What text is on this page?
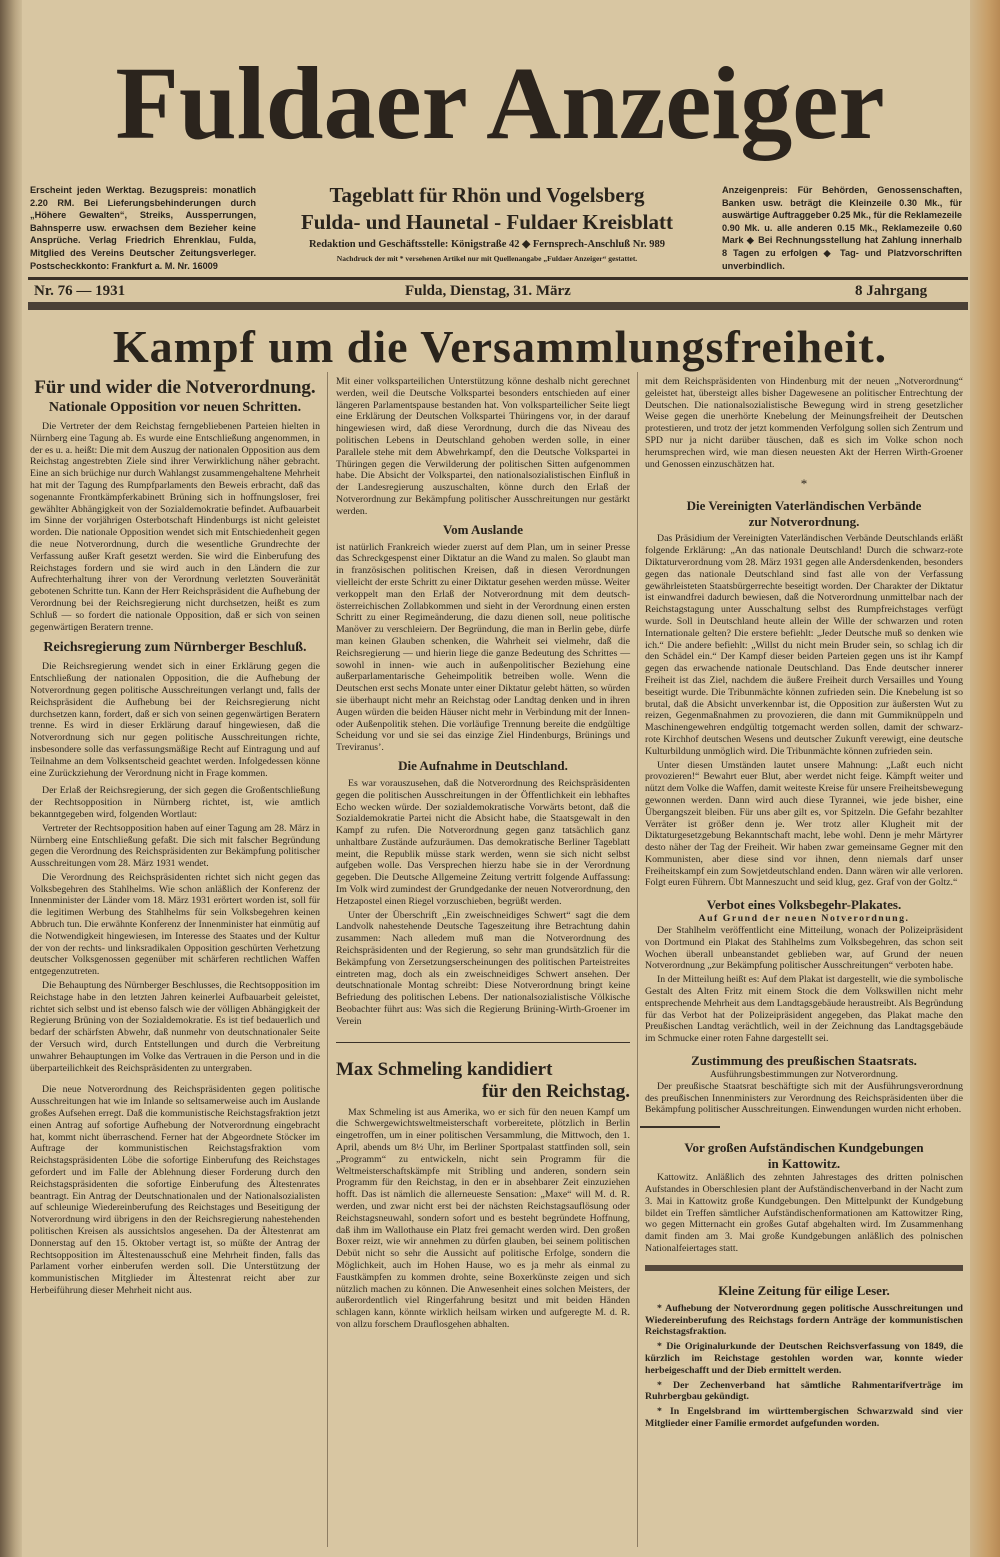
Fuldaer Anzeiger
Erscheint jeden Werktag. Bezugspreis: monatlich 2.20 RM. Bei Lieferungsbehinderungen durch „Höhere Gewalten“, Streiks, Aussperrungen, Bahnsperre usw. erwachsen dem Bezieher keine Ansprüche. Verlag Friedrich Ehrenklau, Fulda, Mitglied des Vereins Deutscher Zeitungsverleger. Postscheckkonto: Frankfurt a. M. Nr. 16009
Tageblatt für Rhön und Vogelsberg
Fulda- und Haunetal - Fuldaer Kreisblatt
Redaktion und Geschäftsstelle: Königstraße 42 ◆ Fernsprech-Anschluß Nr. 989
Nachdruck der mit * versehenen Artikel nur mit Quellenangabe „Fuldaer Anzeiger“ gestattet.
Anzeigenpreis: Für Behörden, Genossenschaften, Banken usw. beträgt die Kleinzeile 0.30 Mk., für auswärtige Auftraggeber 0.25 Mk., für die Reklamezeile 0.90 Mk. u. alle anderen 0.15 Mk., Reklamezeile 0.60 Mark ◆ Bei Rechnungsstellung hat Zahlung innerhalb 8 Tagen zu erfolgen ◆ Tag- und Platzvorschriften unverbindlich.
Nr. 76 — 1931	Fulda, Dienstag, 31. März	8 Jahrgang
Kampf um die Versammlungsfreiheit.
Für und wider die Notverordnung.
Nationale Opposition vor neuen Schritten.

Die Vertreter der dem Reichstag ferngebliebenen Parteien hielten in Nürnberg eine Tagung ab. Es wurde eine Entschließung angenommen, in der es u. a. heißt: Die mit dem Auszug der nationalen Opposition aus dem Reichstag angestrebten Ziele sind ihrer Verwirklichung näher gebracht. Eine an sich brüchige nur durch Wahlangst zusammengehaltene Mehrheit hat mit der Tagung des Rumpfparlaments den Beweis erbracht, daß das sogenannte Frontkämpferkabinett Brüning sich in hoffnungsloser, frei gewählter Abhängigkeit von der Sozialdemokratie befindet. Aufbauarbeit im Sinne der vorjährigen Osterbotschaft Hindenburgs ist nicht geleistet worden. Die nationale Opposition wendet sich mit Entschiedenheit gegen die neue Notverordnung, durch die wesentliche Grundrechte der Verfassung außer Kraft gesetzt werden. Sie wird die Einberufung des Reichstages fordern und sie wird auch in den Ländern die zur Aufrechterhaltung ihrer von der Verordnung verletzten Souveränität gebotenen Schritte tun. Kann der Herr Reichspräsident die Aufhebung der Verordnung bei der Reichsregierung nicht durchsetzen, heißt es zum Schluß — so fordert die nationale Opposition, daß er sich von seinen gegenwärtigen Beratern trenne.

Reichsregierung zum Nürnberger Beschluß.

Die Reichsregierung wendet sich in einer Erklärung gegen die Entschließung der nationalen Opposition, die die Aufhebung der Notverordnung gegen politische Ausschreitungen verlangt und, falls der Reichspräsident die Aufhebung bei der Reichsregierung nicht durchsetzen kann, fordert, daß er sich von seinen gegenwärtigen Beratern trenne. Es wird in dieser Erklärung darauf hingewiesen, daß die Notverordnung sich nur gegen politische Ausschreitungen richte, insbesondere solle das verfassungsmäßige Recht auf Eintragung und auf Teilnahme an dem Volksentscheid geachtet werden. Infolgedessen könne eine Zurückziehung der Verordnung nicht in Frage kommen.

Der Erlaß der Reichsregierung, der sich gegen die Großentschließung der Rechtsopposition in Nürnberg richtet, ist, wie amtlich bekanntgegeben wird, folgenden Wortlaut:

Vertreter der Rechtsopposition haben auf einer Tagung am 28. März in Nürnberg eine Entschließung gefaßt. Die sich mit falscher Begründung gegen die Verordnung des Reichspräsidenten zur Bekämpfung politischer Ausschreitungen vom 28. März 1931 wendet.

Die Verordnung des Reichspräsidenten richtet sich nicht gegen das Volksbegehren des Stahlhelms. Wie schon anläßlich der Konferenz der Innenminister der Länder vom 18. März 1931 erörtert worden ist, soll für die legitimen Werbung des Stahlhelms für sein Volksbegehren keinen Abbruch tun. Die erwähnte Konferenz der Innenminister hat einmütig auf die Notwendigkeit hingewiesen, im Interesse des Staates und der Kultur der von der rechts- und linksradikalen Opposition geschürten Verhetzung deutscher Volksgenossen gegenüber mit schärferen rechtlichen Waffen entgegenzutreten.

Die Behauptung des Nürnberger Beschlusses, die Rechtsopposition im Reichstage habe in den letzten Jahren keinerlei Aufbauarbeit geleistet, richtet sich selbst und ist ebenso falsch wie der völligen Abhängigkeit der Regierung Brüning von der Sozialdemokratie. Es ist tief bedauerlich und bedarf der schärfsten Abwehr, daß nunmehr von deutschnationaler Seite der Versuch wird, durch Entstellungen und durch die Verbreitung unwahrer Behauptungen im Volke das Vertrauen in die Person und in die überparteilichkeit des Reichspräsidenten zu untergraben.

Die neue Notverordnung des Reichspräsidenten gegen politische Ausschreitungen hat wie im Inlande so seltsamerweise auch im Auslande großes Aufsehen erregt. Daß die kommunistische Reichstagsfraktion jetzt einen Antrag auf sofortige Aufhebung der Notverordnung eingebracht hat, kommt nicht überraschend. Ferner hat der Abgeordnete Stöcker im Auftrage der kommunistischen Reichstagsfraktion vom Reichstagspräsidenten Löbe die sofortige Einberufung des Reichstages gefordert und im Falle der Ablehnung dieser Forderung durch den Reichstagspräsidenten die sofortige Einberufung des Ältestenrates beantragt. Ein Antrag der Deutschnationalen und der Nationalsozialisten auf schleunige Wiedereinberufung des Reichstages und Beseitigung der Notverordnung wird übrigens in den der Reichsregierung nahestehenden politischen Kreisen als aussichtslos angesehen. Da der Ältestenrat am Donnerstag auf den 15. Oktober vertagt ist, so müßte der Antrag der Rechtsopposition im Ältestenausschuß eine Mehrheit finden, falls das Parlament vorher einberufen werden soll. Die Unterstützung der kommunistischen Mitglieder im Ältestenrat reicht aber zur Herbeiführung dieser Mehrheit nicht aus.

Mit einer volksparteilichen Unterstützung könne deshalb nicht gerechnet werden, weil die Deutsche Volkspartei besonders entschieden auf einer längeren Parlamentspause bestanden hat. Von volksparteilicher Seite liegt eine Erklärung der Deutschen Volkspartei Thüringens vor, in der darauf hingewiesen wird, daß diese Verordnung, durch die das Niveau des politischen Lebens in Deutschland gehoben werden solle, in einer Parallele stehe mit dem Abwehrkampf, den die Deutsche Volkspartei in Thüringen gegen die Verwilderung der politischen Sitten aufgenommen habe. Die Absicht der Volkspartei, den nationalsozialistischen Einfluß in der Landesregierung auszuschalten, könne durch den Erlaß der Notverordnung zur Bekämpfung politischer Ausschreitungen nur gestärkt werden.

Vom Auslande

ist natürlich Frankreich wieder zuerst auf dem Plan, um in seiner Presse das Schreckgespenst einer Diktatur an die Wand zu malen. So glaubt man in französischen politischen Kreisen, daß in diesen Verordnungen vielleicht der erste Schritt zu einer Diktatur gesehen werden müsse. Weiter verkoppelt man den Erlaß der Notverordnung mit dem deutsch-österreichischen Zollabkommen und sieht in der Verordnung einen ersten Schritt zu einer Regimeänderung, die dazu dienen soll, neue politische Manöver zu verschleiern. Der Begründung, die man in Berlin gebe, dürfe man keinen Glauben schenken, die Wahrheit sei vielmehr, daß die Reichsregierung — und hierin liege die ganze Bedeutung des Schrittes — sowohl in innen- wie auch in außenpolitischer Beziehung eine außerparlamentarische Geheimpolitik betreiben wolle. Wenn die Deutschen erst sechs Monate unter einer Diktatur gelebt hätten, so würden sie überhaupt nicht mehr an Reichstag oder Landtag denken und in ihren Augen würden die beiden Häuser nicht mehr in Verbindung mit der Innen- oder Außenpolitik stehen. Die vorläufige Trennung bereite die endgültige Scheidung vor und sie sei das einzige Ziel Hindenburgs, Brünings und Treviranus’.

Die Aufnahme in Deutschland.

Es war vorauszusehen, daß die Notverordnung des Reichspräsidenten gegen die politischen Ausschreitungen in der Öffentlichkeit ein lebhaftes Echo wecken würde. Der sozialdemokratische Vorwärts betont, daß die Sozialdemokratie Partei nicht die Absicht habe, die Staatsgewalt in den Kampf zu rufen. Die Notverordnung gegen ganz tatsächlich ganz unhaltbare Zustände aufzuräumen. Das demokratische Berliner Tageblatt meint, die Republik müsse stark werden, wenn sie sich nicht selbst aufgeben wolle. Das Versprechen hierzu habe sie in der Verordnung gegeben. Die Deutsche Allgemeine Zeitung vertritt folgende Auffassung: Im Volk wird zumindest der Grundgedanke der neuen Notverordnung, den Hetzapostel einen Riegel vorzuschieben, begrüßt werden.

Unter der Überschrift „Ein zweischneidiges Schwert“ sagt die dem Landvolk nahestehende Deutsche Tageszeitung ihre Betrachtung dahin zusammen: Nach alledem muß man die Notverordnung des Reichspräsidenten und der Regierung, so sehr man grundsätzlich für die Bekämpfung von Zersetzungserscheinungen des politischen Parteistreites eintreten mag, doch als ein zweischneidiges Schwert ansehen. Der deutschnationale Montag schreibt: Diese Notverordnung bringt keine Befriedung des politischen Lebens. Der nationalsozialistische Völkische Beobachter führt aus: Was sich die Regierung Brüning-Wirth-Groener im Verein

Max Schmeling kandidiert
für den Reichstag.

Max Schmeling ist aus Amerika, wo er sich für den neuen Kampf um die Schwergewichtsweltmeisterschaft vorbereitete, plötzlich in Berlin eingetroffen, um in einer politischen Versammlung, die Mittwoch, den 1. April, abends um 8½ Uhr, im Berliner Sportpalast stattfinden soll, sein „Programm“ zu entwickeln, nicht sein Programm für die Weltmeisterschaftskämpfe mit Stribling und anderen, sondern sein Programm für den Reichstag, in den er in absehbarer Zeit einzuziehen hofft. Das ist nämlich die allerneueste Sensation: „Maxe“ will M. d. R. werden, und zwar nicht erst bei der nächsten Reichstagsauflösung oder Reichstagsneuwahl, sondern sofort und es besteht begründete Hoffnung, daß ihm im Wallothause ein Platz frei gemacht werden wird. Den großen Boxer reizt, wie wir annehmen zu dürfen glauben, bei seinem politischen Debüt nicht so sehr die Aussicht auf politische Erfolge, sondern die Möglichkeit, auch im Hohen Hause, wo es ja mehr als einmal zu Faustkämpfen zu kommen drohte, seine Boxerkünste zeigen und sich nützlich machen zu können. Die Anwesenheit eines solchen Meisters, der außerordentlich viel Ringerfahrung besitzt und mit beiden Händen schlagen kann, könnte wirklich heilsam wirken und aufgeregte M. d. R. von allzu forschem Drauflosgehen abhalten.

mit dem Reichspräsidenten von Hindenburg mit der neuen „Notverordnung“ geleistet hat, übersteigt alles bisher Dagewesene an politischer Entrechtung der Deutschen. Die nationalsozialistische Bewegung wird in streng gesetzlicher Weise gegen die unerhörte Knebelung der Meinungsfreiheit der Deutschen protestieren, und trotz der jetzt kommenden Verfolgung sollen sich Zentrum und SPD nur ja nicht darüber täuschen, daß es sich im Volke schon noch herumsprechen wird, wie man diesen neuesten Akt der Herren Wirth-Groener und Genossen einzuschätzen hat.

*
Die Vereinigten Vaterländischen Verbände
zur Notverordnung.

Das Präsidium der Vereinigten Vaterländischen Verbände Deutschlands erläßt folgende Erklärung: „An das nationale Deutschland! Durch die schwarz-rote Diktaturverordnung vom 28. März 1931 gegen alle Andersdenkenden, besonders gegen das nationale Deutschland sind fast alle von der Verfassung gewährleisteten Staatsbürgerrechte beseitigt worden. Der Charakter der Diktatur ist einwandfrei dadurch bewiesen, daß die Notverordnung unmittelbar nach der Reichstagstagung unter Ausschaltung selbst des Rumpfreichstages verfügt wurde. Soll in Deutschland heute allein der Wille der schwarzen und roten Internationale gelten? Die erstere befiehlt: „Jeder Deutsche muß so denken wie ich.“ Die andere befiehlt: „Willst du nicht mein Bruder sein, so schlag ich dir den Schädel ein.“ Der Kampf dieser beiden Parteien gegen uns ist ihr Kampf gegen das erwachende nationale Deutschland. Das Ende deutscher innerer Freiheit ist das Ziel, nachdem die äußere Freiheit durch Versailles und Young beseitigt wurde. Die Tribunmächte können zufrieden sein. Die Knebelung ist so brutal, daß die Absicht unverkennbar ist, die Opposition zur äußersten Wut zu reizen, Gegenmaßnahmen zu provozieren, die dann mit Gummiknüppeln und Maschinengewehren endgültig totgemacht werden sollen, damit der schwarz-rote Kirchhof deutschen Wesens und deutscher Zukunft verewigt, eine deutsche Kulturbildung unmöglich wird. Die Tribunmächte können zufrieden sein.

Unter diesen Umständen lautet unsere Mahnung: „Laßt euch nicht provozieren!“ Bewahrt euer Blut, aber werdet nicht feige. Kämpft weiter und nützt dem Volke die Waffen, damit weiteste Kreise für unsere Freiheitsbewegung gewonnen werden. Dann wird auch diese Tyrannei, wie jede bisher, eine Übergangszeit bleiben. Für uns aber gilt es, vor Spitzeln. Die Gefahr bezahlter Verräter ist größer denn je. Wer trotz aller Klugheit mit der Diktaturgesetzgebung Bekanntschaft macht, lebe wohl. Denn je mehr Märtyrer desto näher der Tag der Freiheit. Wir haben zwar gemeinsame Gegner mit den Kommunisten, aber diese sind vor ihnen, denn niemals darf unser Freiheitskampf ein zum Sowjetdeutschland enden. Dann wären wir alle verloren. Folgt euren Führern. Übt Manneszucht und seid klug, gez. Graf von der Goltz.“

Verbot eines Volksbegehr-Plakates.
Auf Grund der neuen Notverordnung.

Der Stahlhelm veröffentlicht eine Mitteilung, wonach der Polizeipräsident von Dortmund ein Plakat des Stahlhelms zum Volksbegehren, das schon seit Wochen überall unbeanstandet geblieben war, auf Grund der neuen Notverordnung „zur Bekämpfung politischer Ausschreitungen“ verboten habe.

In der Mitteilung heißt es: Auf dem Plakat ist dargestellt, wie die symbolische Gestalt des Alten Fritz mit einem Stock die dem Volkswillen nicht mehr entsprechende Mehrheit aus dem Landtagsgebäude heraustreibt. Als Begründung für das Verbot hat der Polizeipräsident angegeben, das Plakat mache den Preußischen Landtag verächtlich, weil in der Zeichnung das Landtagsgebäude im Schmucke einer roten Fahne dargestellt sei.

Zustimmung des preußischen Staatsrats.
Ausführungsbestimmungen zur Notverordnung.

Der preußische Staatsrat beschäftigte sich mit der Ausführungsverordnung des preußischen Innenministers zur Verordnung des Reichspräsidenten über die Bekämpfung politischer Ausschreitungen. Einwendungen wurden nicht erhoben.

Vor großen Aufständischen Kundgebungen
in Kattowitz.

Kattowitz. Anläßlich des zehnten Jahrestages des dritten polnischen Aufstandes in Oberschlesien plant der Aufständischenverband in der Nacht zum 3. Mai in Kattowitz große Kundgebungen. Den Mittelpunkt der Kundgebung bildet ein Treffen sämtlicher Aufständischenformationen am Kattowitzer Ring, wo gegen Mitternacht ein großes Gutaf abgehalten wird. Im Zusammenhang damit finden am 3. Mai große Kundgebungen anläßlich des polnischen Nationalfeiertages statt.

Kleine Zeitung für eilige Leser.

* Aufhebung der Notverordnung gegen politische Ausschreitungen und Wiedereinberufung des Reichstags fordern Anträge der kommunistischen Reichstagsfraktion.

* Die Originalurkunde der Deutschen Reichsverfassung von 1849, die kürzlich im Reichstage gestohlen worden war, konnte wieder herbeigeschafft und der Dieb ermittelt werden.

* Der Zechenverband hat sämtliche Rahmentarifverträge im Ruhrbergbau gekündigt.

* In Engelsbrand im württembergischen Schwarzwald sind vier Mitglieder einer Familie ermordet aufgefunden worden.
